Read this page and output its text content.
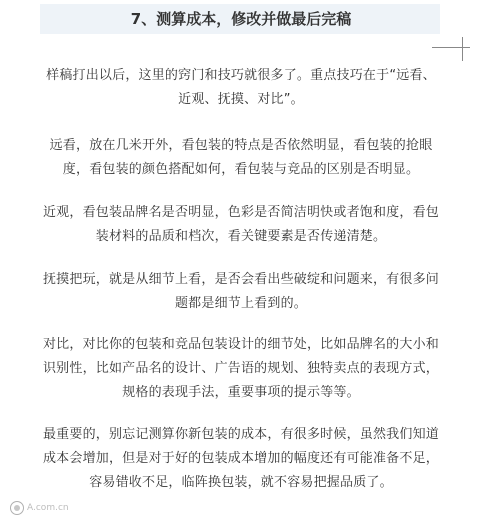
7、测算成本，修改并做最后完稿

样稿打出以后，这里的窍门和技巧就很多了。重点技巧在于“远看、
近观、抚摸、对比”。

远看，放在几米开外，看包装的特点是否依然明显，看包装的抢眼
度，看包装的颜色搭配如何，看包装与竞品的区别是否明显。

近观，看包装品牌名是否明显，色彩是否简洁明快或者饱和度，看包
装材料的品质和档次，看关键要素是否传递清楚。

抚摸把玩，就是从细节上看，是否会看出些破绽和问题来，有很多问
题都是细节上看到的。

对比，对比你的包装和竞品包装设计的细节处，比如品牌名的大小和
识别性，比如产品名的设计、广告语的规划、独特卖点的表现方式，
规格的表现手法，重要事项的提示等等。

最重要的，别忘记测算你新包装的成本，有很多时候，虽然我们知道
成本会增加，但是对于好的包装成本增加的幅度还有可能准备不足，
容易错收不足，临阵换包装，就不容易把握品质了。

A.com.cn
